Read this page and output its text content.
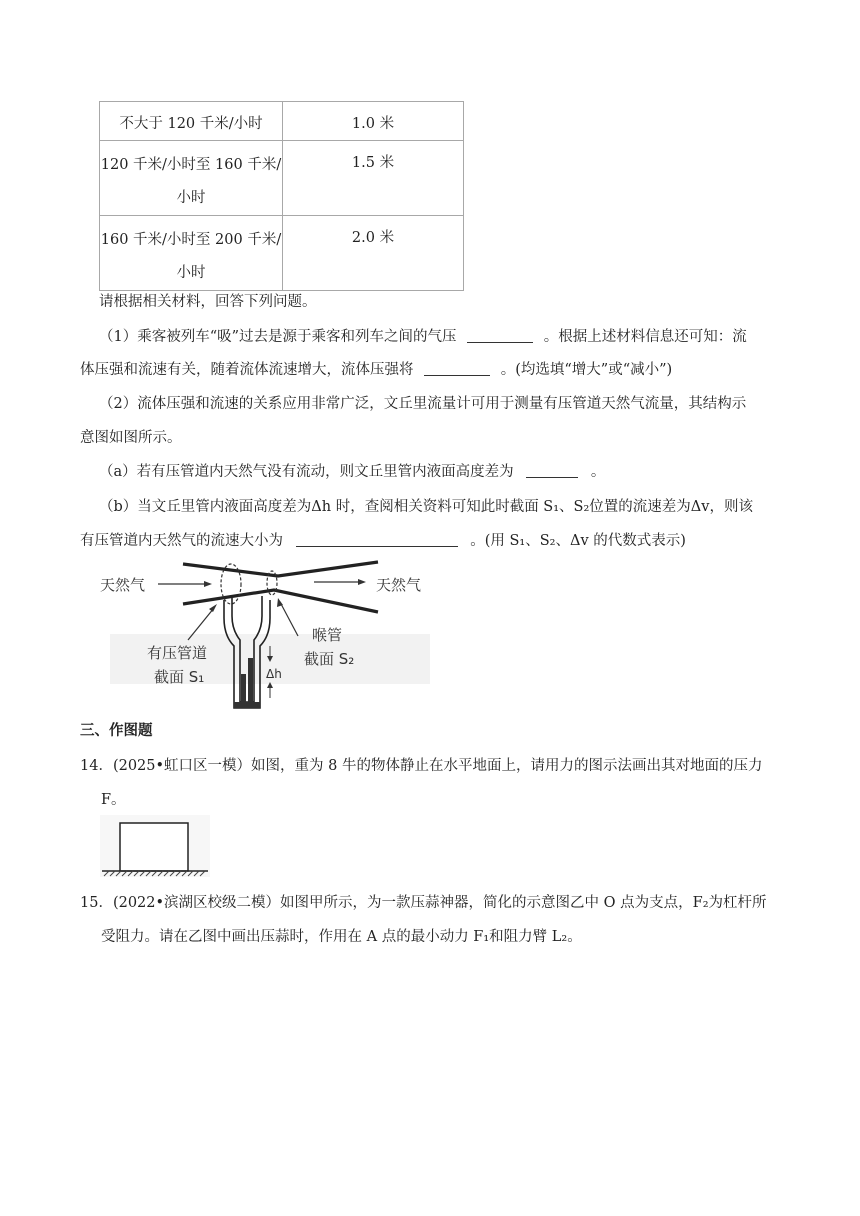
不大于 120 千米/小时	1.0 米

120 千米/小时至 160 千米/
小时	1.5 米

160 千米/小时至 200 千米/
小时	2.0 米
请根据相关材料，回答下列问题。
（1）乘客被列车“吸”过去是源于乘客和列车之间的气压	。根据上述材料信息还可知：流
体压强和流速有关，随着流体流速增大，流体压强将	。(均选填“增大”或“减小”)
（2）流体压强和流速的关系应用非常广泛，文丘里流量计可用于测量有压管道天然气流量，其结构示
意图如图所示。
（a）若有压管道内天然气没有流动，则文丘里管内液面高度差为	。
（b）当文丘里管内液面高度差为Δh 时，查阅相关资料可知此时截面 S₁、S₂位置的流速差为Δv，则该
有压管道内天然气的流速大小为	。(用 S₁、S₂、Δv 的代数式表示)
天然气	天然气
有压管道
截面 S₁
喉管
截面 S₂
Δh
三、作图题
14．(2025•虹口区一模）如图，重为 8 牛的物体静止在水平地面上，请用力的图示法画出其对地面的压力
F。
15．(2022•滨湖区校级二模）如图甲所示，为一款压蒜神器，简化的示意图乙中 O 点为支点，F₂为杠杆所
受阻力。请在乙图中画出压蒜时，作用在 A 点的最小动力 F₁和阻力臂 L₂。
